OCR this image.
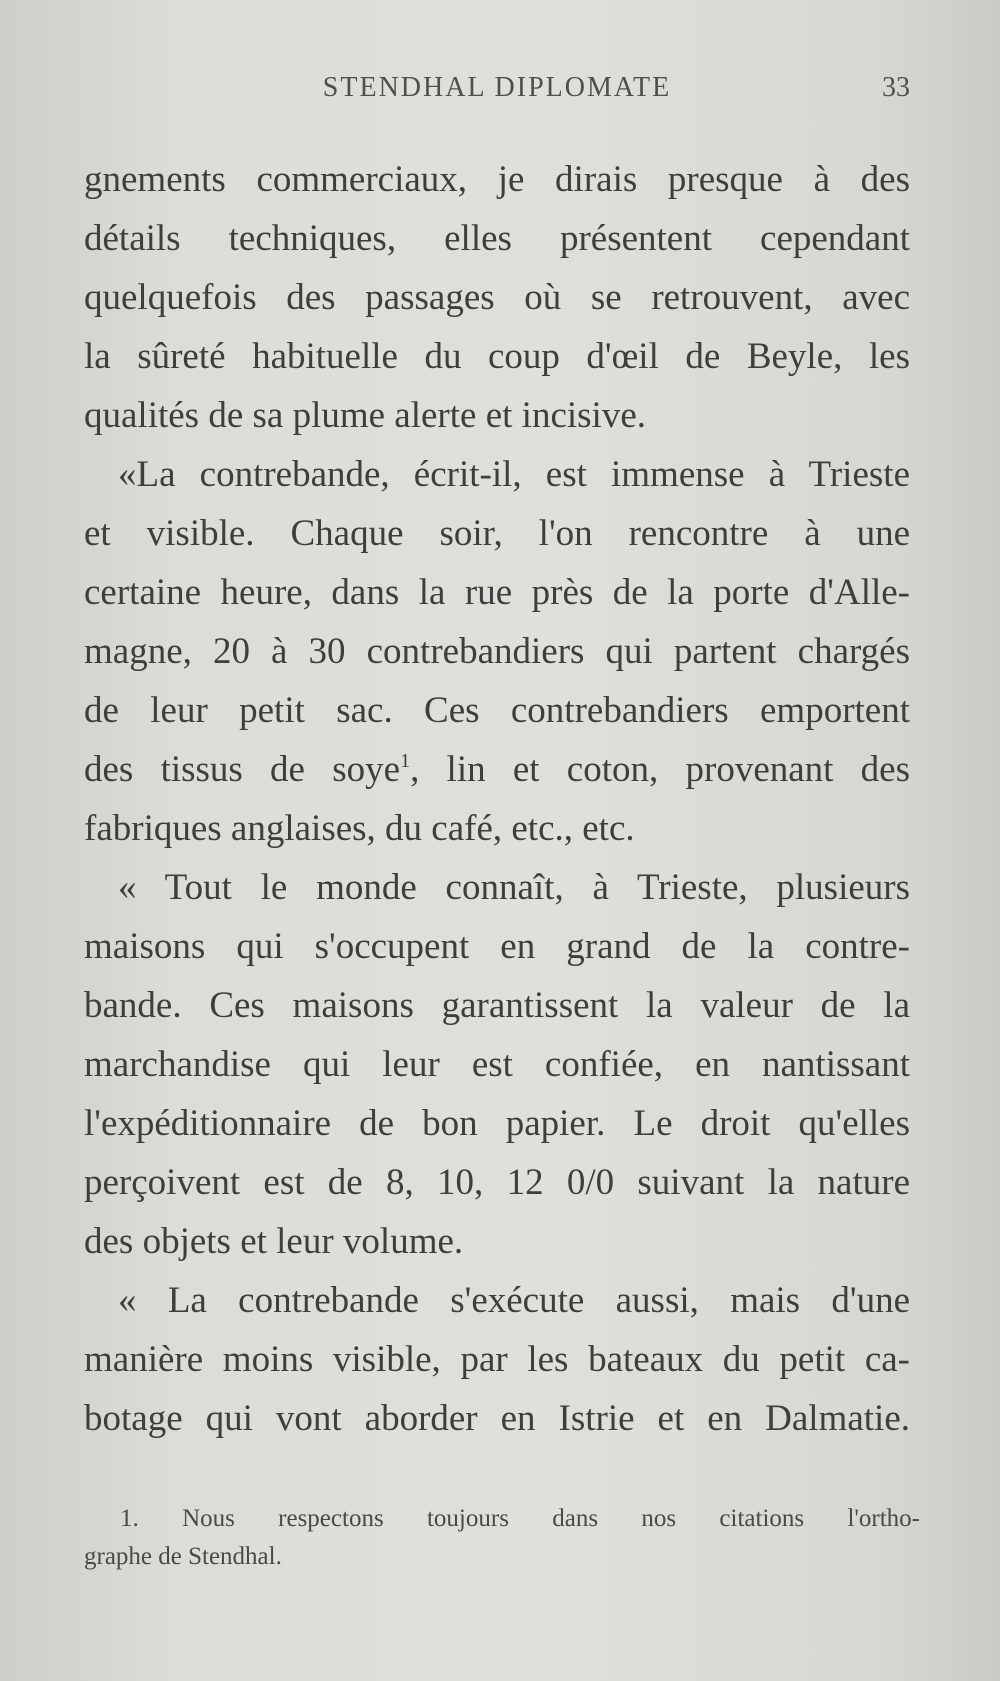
STENDHAL DIPLOMATE	33
gnements commerciaux, je dirais presque à des
détails techniques, elles présentent cependant
quelquefois des passages où se retrouvent, avec
la sûreté habituelle du coup d'œil de Beyle, les
qualités de sa plume alerte et incisive.
«La contrebande, écrit-il, est immense à Trieste
et visible. Chaque soir, l'on rencontre à une
certaine heure, dans la rue près de la porte d'Alle-
magne, 20 à 30 contrebandiers qui partent chargés
de leur petit sac. Ces contrebandiers emportent
des tissus de soye$^1$, lin et coton, provenant des
fabriques anglaises, du café, etc., etc.
« Tout le monde connaît, à Trieste, plusieurs
maisons qui s'occupent en grand de la contre-
bande. Ces maisons garantissent la valeur de la
marchandise qui leur est confiée, en nantissant
l'expéditionnaire de bon papier. Le droit qu'elles
perçoivent est de 8, 10, 12 0/0 suivant la nature
des objets et leur volume.
« La contrebande s'exécute aussi, mais d'une
manière moins visible, par les bateaux du petit ca-
botage qui vont aborder en Istrie et en Dalmatie.
1. Nous respectons toujours dans nos citations l'ortho-
graphe de Stendhal.
